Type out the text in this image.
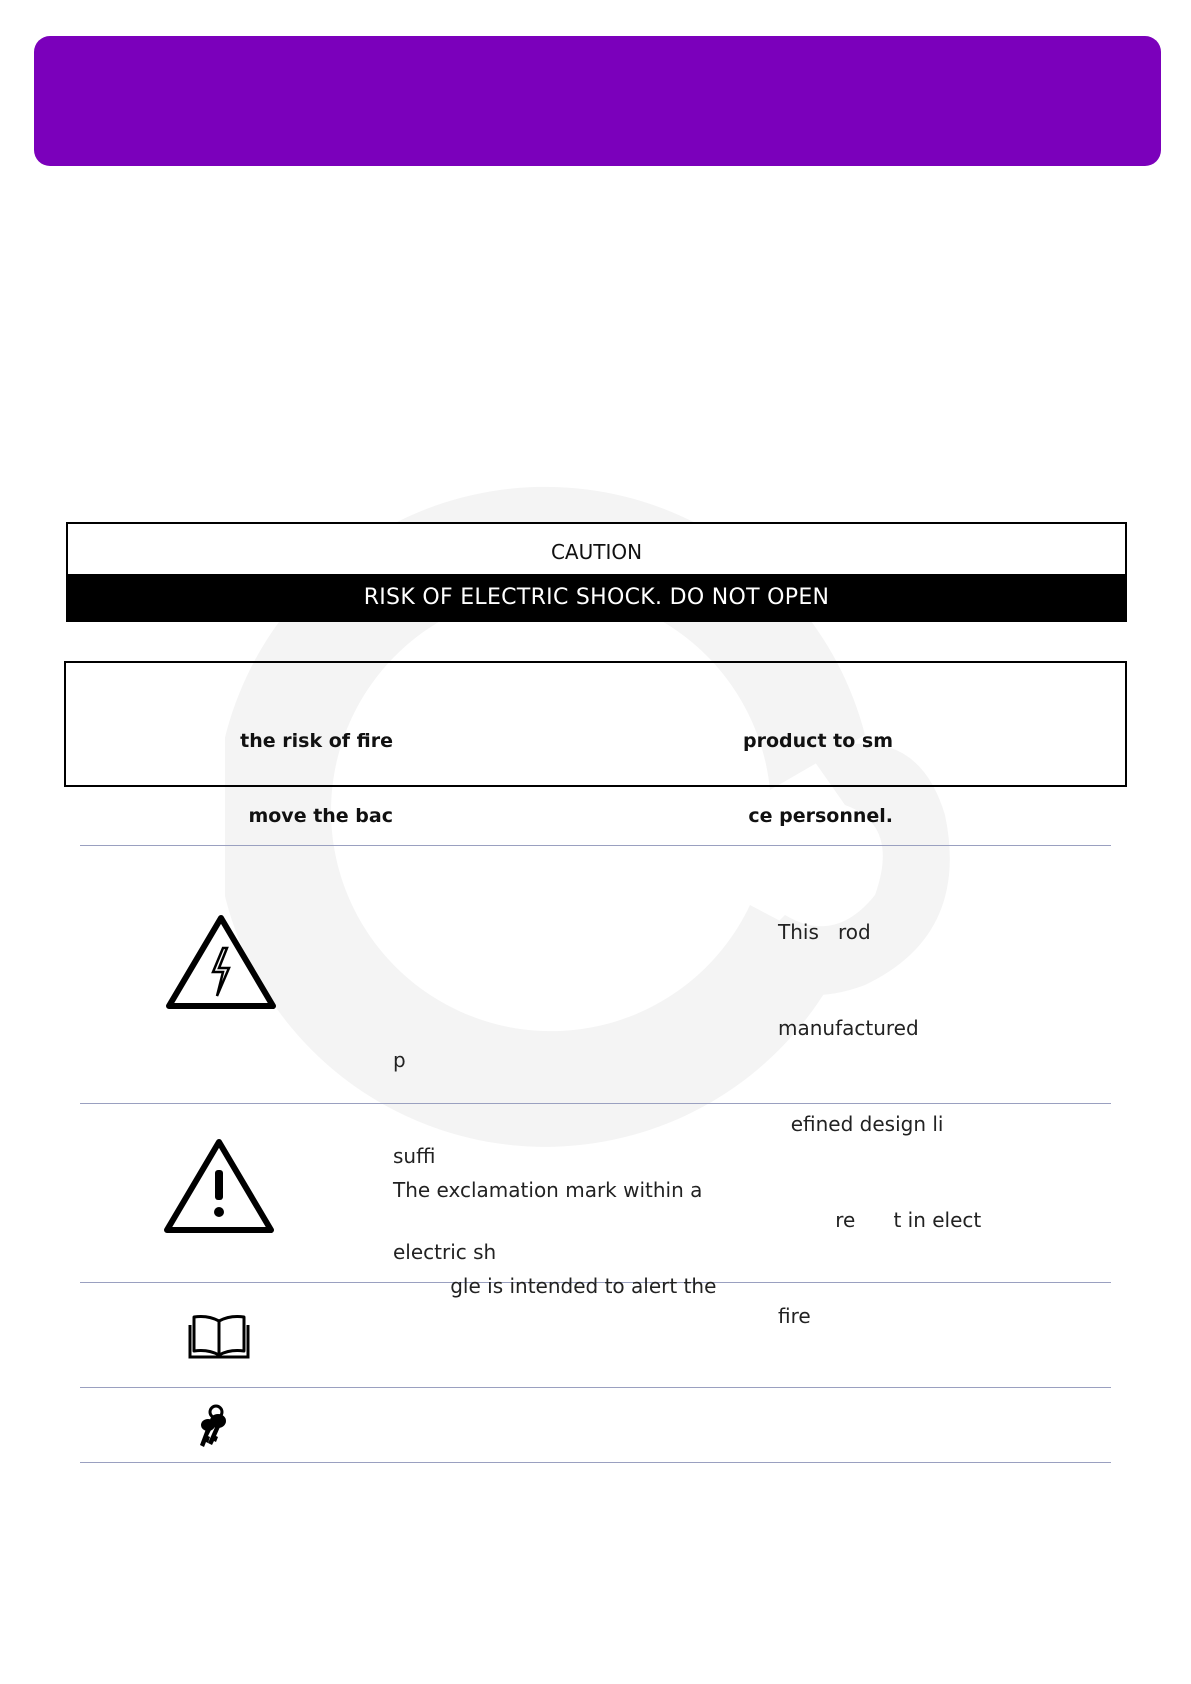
CAUTION
RISK OF ELECTRIC SHOCK. DO NOT OPEN

the risk of fire

move the bac

product to sm

ce personnel.

p

suffi

electric sh

This   rod

manufactured

efined design li

re      t in elect

fire

The exclamation mark within a

gle is intended to alert the
